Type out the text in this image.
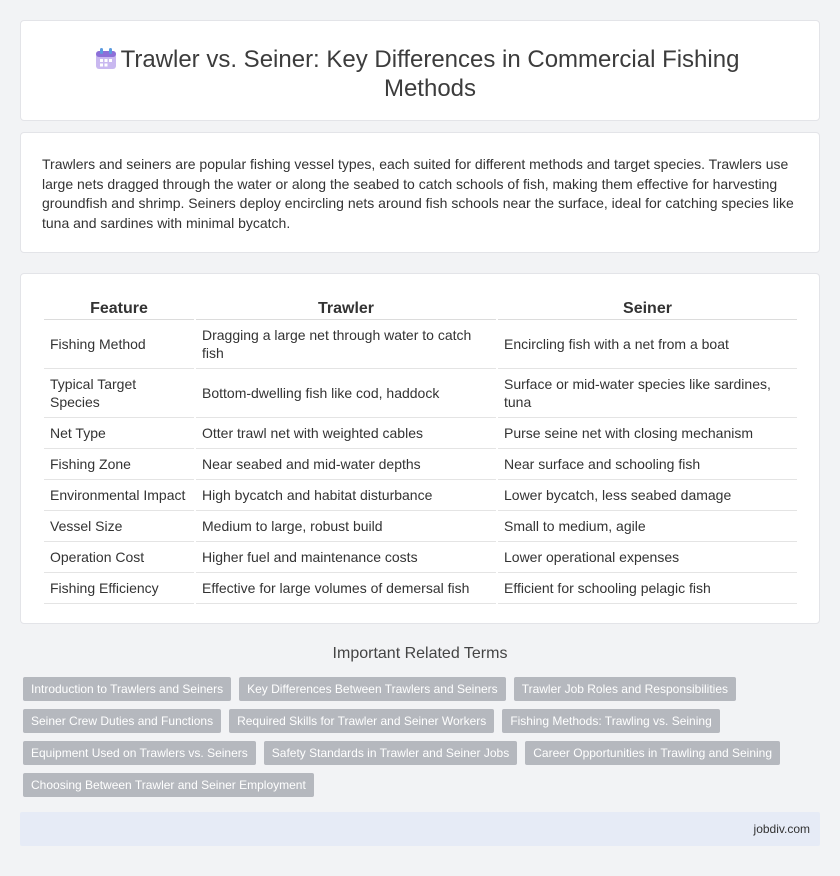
Trawler vs. Seiner: Key Differences in Commercial Fishing Methods

Trawlers and seiners are popular fishing vessel types, each suited for different methods and target species. Trawlers use large nets dragged through the water or along the seabed to catch schools of fish, making them effective for harvesting groundfish and shrimp. Seiners deploy encircling nets around fish schools near the surface, ideal for catching species like tuna and sardines with minimal bycatch.

Feature	Trawler	Seiner
Fishing Method	Dragging a large net through water to catch fish	Encircling fish with a net from a boat
Typical Target Species	Bottom-dwelling fish like cod, haddock	Surface or mid-water species like sardines, tuna
Net Type	Otter trawl net with weighted cables	Purse seine net with closing mechanism
Fishing Zone	Near seabed and mid-water depths	Near surface and schooling fish
Environmental Impact	High bycatch and habitat disturbance	Lower bycatch, less seabed damage
Vessel Size	Medium to large, robust build	Small to medium, agile
Operation Cost	Higher fuel and maintenance costs	Lower operational expenses
Fishing Efficiency	Effective for large volumes of demersal fish	Efficient for schooling pelagic fish
Important Related Terms
Introduction to Trawlers and Seiners	Key Differences Between Trawlers and Seiners	Trawler Job Roles and Responsibilities
Seiner Crew Duties and Functions	Required Skills for Trawler and Seiner Workers	Fishing Methods: Trawling vs. Seining
Equipment Used on Trawlers vs. Seiners	Safety Standards in Trawler and Seiner Jobs	Career Opportunities in Trawling and Seining
Choosing Between Trawler and Seiner Employment
jobdiv.com
